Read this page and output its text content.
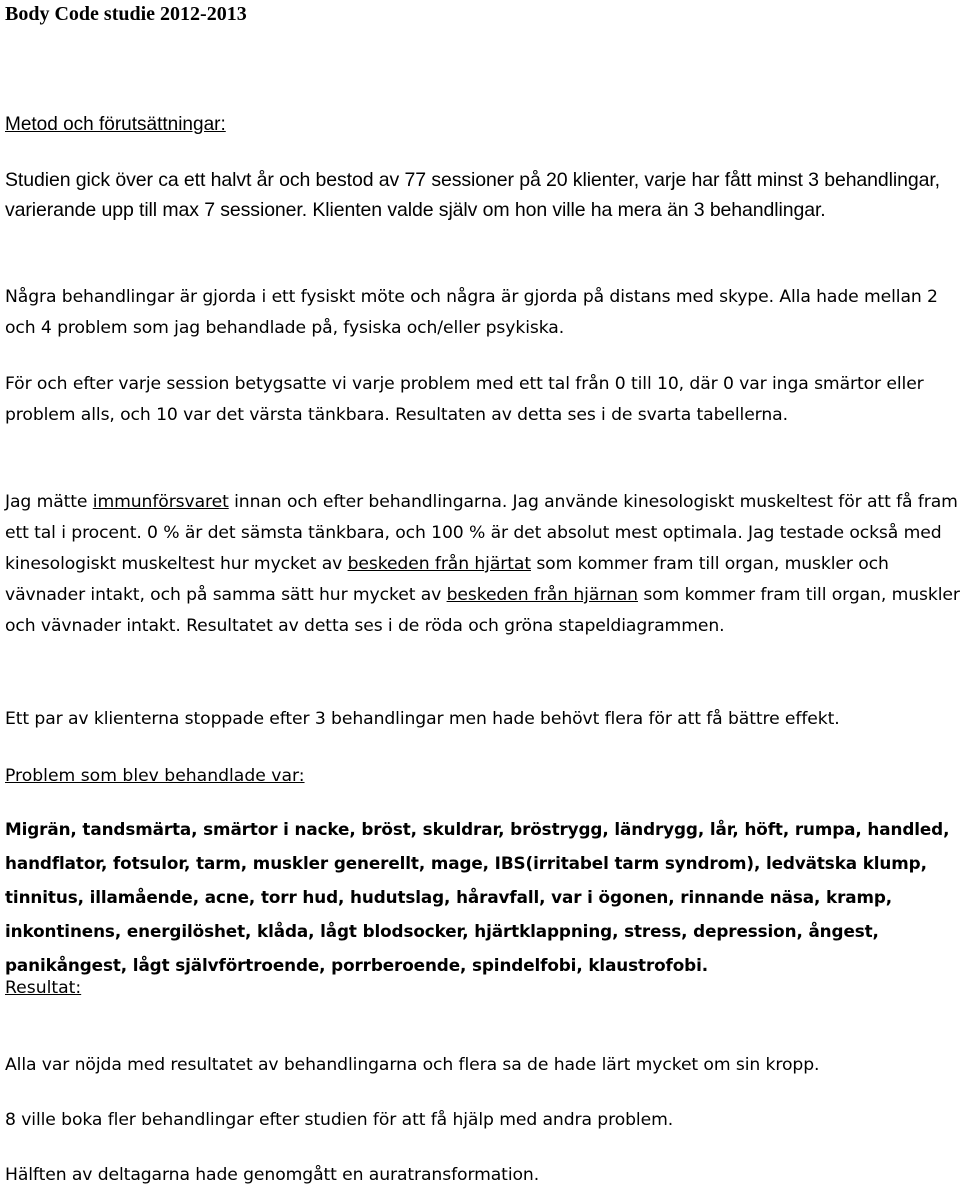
Body Code studie 2012-2013
Metod och förutsättningar:

Studien gick över ca ett halvt år och bestod av 77 sessioner på 20 klienter, varje har fått minst 3 behandlingar, varierande upp till max 7 sessioner. Klienten valde själv om hon ville ha mera än 3 behandlingar.

Några behandlingar är gjorda i ett fysiskt möte och några är gjorda på distans med skype. Alla hade mellan 2 och 4 problem som jag behandlade på, fysiska och/eller psykiska.

För och efter varje session betygsatte vi varje problem med ett tal från 0 till 10, där 0 var inga smärtor eller problem alls, och 10 var det värsta tänkbara. Resultaten av detta ses i de svarta tabellerna.

Jag mätte immunförsvaret innan och efter behandlingarna. Jag använde kinesologiskt muskeltest för att få fram ett tal i procent. 0 % är det sämsta tänkbara, och 100 % är det absolut mest optimala. Jag testade också med kinesologiskt muskeltest hur mycket av beskeden från hjärtat som kommer fram till organ, muskler och vävnader intakt, och på samma sätt hur mycket av beskeden från hjärnan som kommer fram till organ, muskler och vävnader intakt. Resultatet av detta ses i de röda och gröna stapeldiagrammen.

Ett par av klienterna stoppade efter 3 behandlingar men hade behövt flera för att få bättre effekt.

Problem som blev behandlade var:

Migrän, tandsmärta, smärtor i nacke, bröst, skuldrar, bröstrygg, ländrygg, lår, höft, rumpa, handled, handflator, fotsulor, tarm, muskler generellt, mage, IBS(irritabel tarm syndrom), ledvätska klump, tinnitus, illamående, acne, torr hud, hudutslag, håravfall, var i ögonen, rinnande näsa, kramp, inkontinens, energilöshet, klåda, lågt blodsocker, hjärtklappning, stress, depression, ångest, panikångest, lågt självförtroende, porrberoende, spindelfobi, klaustrofobi.

Resultat:

Alla var nöjda med resultatet av behandlingarna och flera sa de hade lärt mycket om sin kropp.

8 ville boka fler behandlingar efter studien för att få hjälp med andra problem.

Hälften av deltagarna hade genomgått en auratransformation.
